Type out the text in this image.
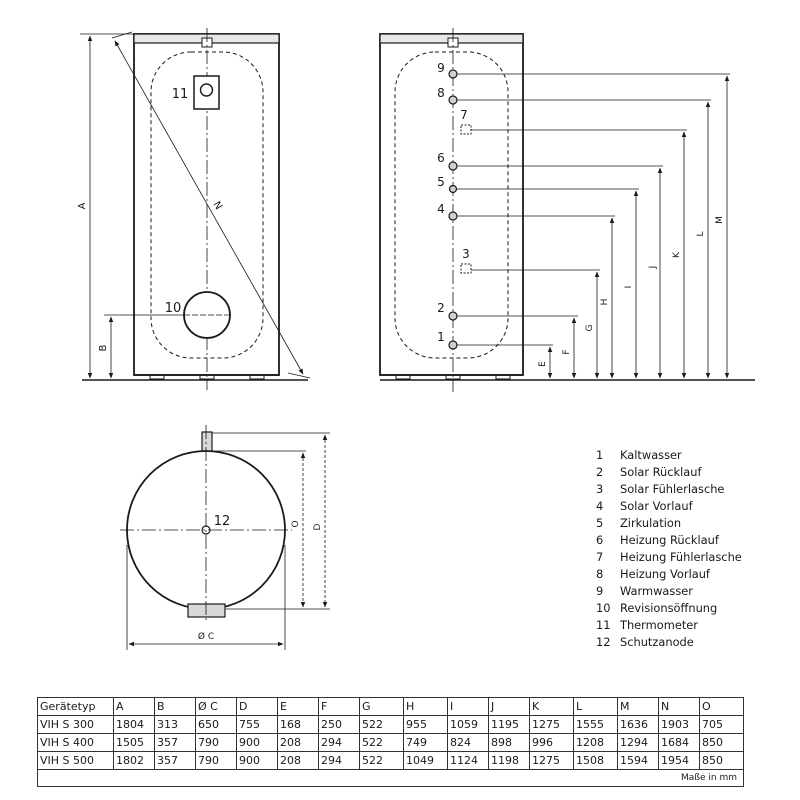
A
B
N
11
10
9
8
7
6
5
4
3
2
1
E
F
G
H
I
J
K
L
M
12	O D
Ø C
1	Kaltwasser
2	Solar Rücklauf
3	Solar Fühlerlasche
4	Solar Vorlauf
5	Zirkulation
6	Heizung Rücklauf
7	Heizung Fühlerlasche
8	Heizung Vorlauf
9	Warmwasser
10 Revisionsöffnung
11 Thermometer
12 Schutzanode
Gerätetyp	A	B	Ø C	D	E	F	G	H	I	J	K	L	M	N	O
VIH S 300	1804	313	650	755	168	250	522	955	1059	1195	1275	1555	1636	1903	705
VIH S 400	1505	357	790	900	208	294	522	749	824	898	996	1208	1294	1684	850
VIH S 500	1802	357	790	900	208	294	522	1049	1124	1198	1275	1508	1594	1954	850
Maße in mm															
